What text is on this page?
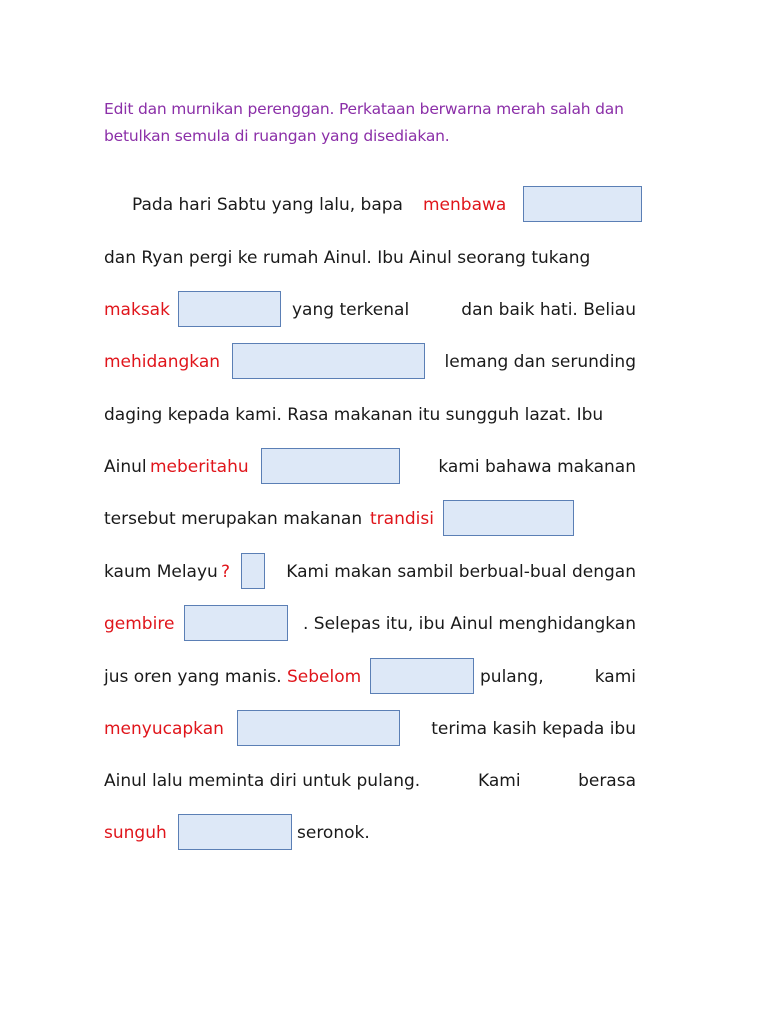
Edit dan murnikan perenggan. Perkataan berwarna merah salah dan
betulkan semula di ruangan yang disediakan.
Pada hari Sabtu yang lalu, bapa menbawa
dan Ryan pergi ke rumah Ainul. Ibu Ainul seorang tukang
maksak	yang terkenal	dan baik hati. Beliau
mehidangkan	lemang dan serunding
daging kepada kami. Rasa makanan itu sungguh lazat. Ibu
Ainul meberitahu	kami bahawa makanan
tersebut merupakan makanan trandisi
kaum Melayu ?	Kami makan sambil berbual-bual dengan
gembire	. Selepas itu, ibu Ainul menghidangkan
jus oren yang manis. Sebelom	pulang,	kami
menyucapkan	terima kasih kepada ibu
Ainul lalu meminta diri untuk pulang.	Kami	berasa
sunguh	seronok.
